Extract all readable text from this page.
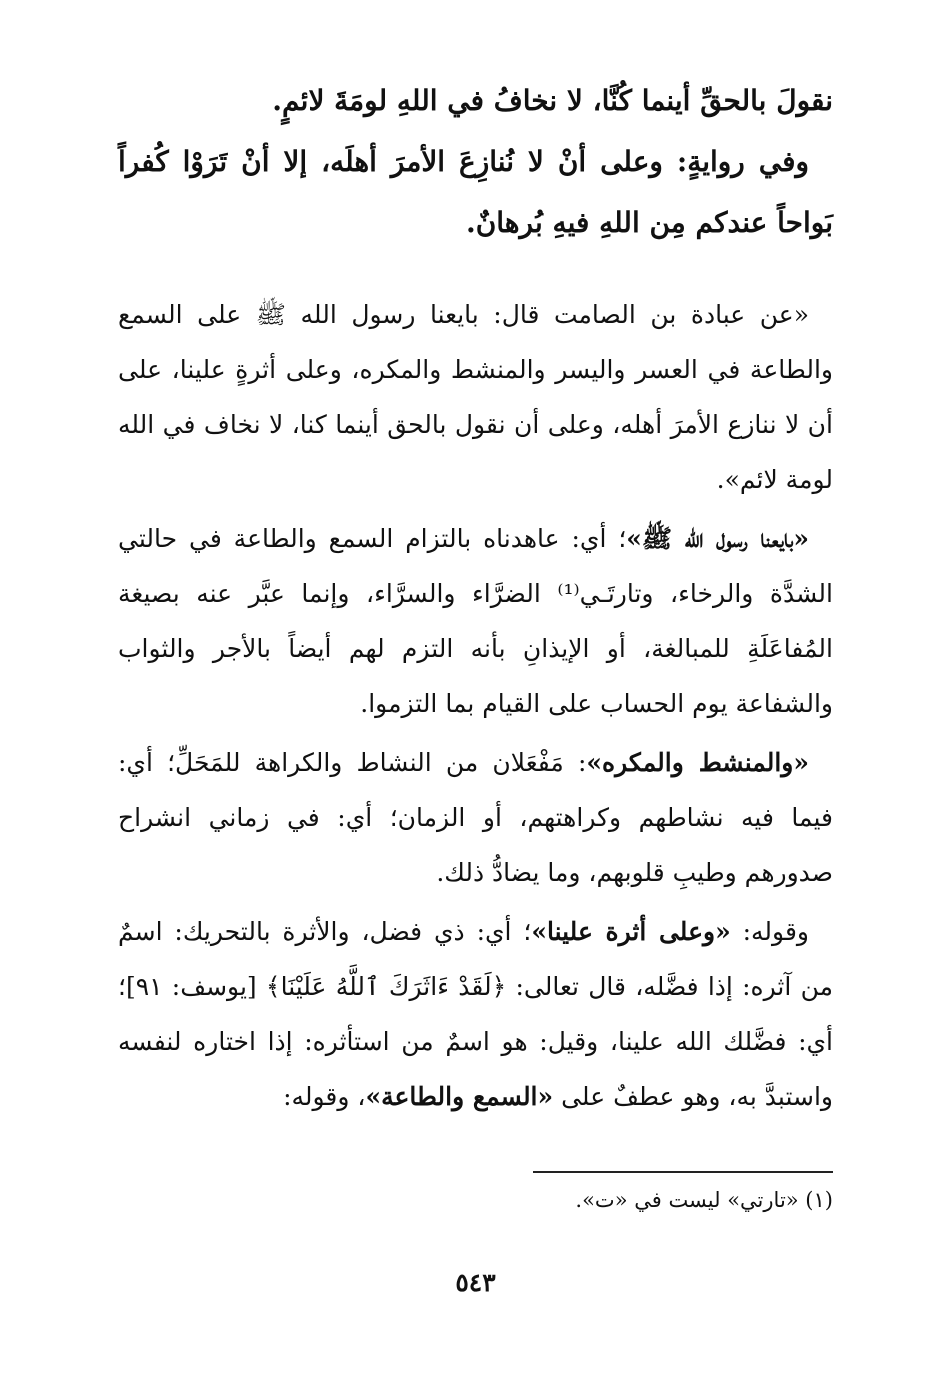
نقولَ بالحقِّ أينما كُنَّا، لا نخافُ في اللهِ لومَةَ لائمٍ.

وفي روايةٍ: وعلى أنْ لا نُنازِعَ الأمرَ أهلَه، إلا أنْ تَرَوْا كُفراً بَواحاً عندكم مِن اللهِ فيهِ بُرهانٌ.

«عن عبادة بن الصامت قال: بايعنا رسول الله ﷺ على السمع والطاعة في العسر واليسر والمنشط والمكره، وعلى أثرةٍ علينا، على أن لا ننازع الأمرَ أهله، وعلى أن نقول بالحق أينما كنا، لا نخاف في الله لومة لائم».

«بايعنا رسول الله ﷺ»؛ أي: عاهدناه بالتزام السمع والطاعة في حالتي الشدَّة والرخاء، وتارتَـي⁽¹⁾ الضرَّاء والسرَّاء، وإنما عبَّر عنه بصيغة المُفاعَلَةِ للمبالغة، أو الإيذانِ بأنه التزم لهم أيضاً بالأجر والثواب والشفاعة يوم الحساب على القيام بما التزموا.

«والمنشط والمكره»: مَفْعَلان من النشاط والكراهة للمَحَلِّ؛ أي: فيما فيه نشاطهم وكراهتهم، أو الزمان؛ أي: في زماني انشراح صدورهم وطيبِ قلوبهم، وما يضادُّ ذلك.

وقوله: «وعلى أثرة علينا»؛ أي: ذي فضل، والأثرة بالتحريك: اسمٌ من آثره: إذا فضَّله، قال تعالى: ﴿لَقَدْ ءَاثَرَكَ ٱللَّهُ عَلَيْنَا﴾ [يوسف: ٩١]؛ أي: فضَّلك الله علينا، وقيل: هو اسمٌ من استأثره: إذا اختاره لنفسه واستبدَّ به، وهو عطفٌ على «السمع والطاعة»، وقوله:

(١) «تارتي» ليست في «ت».

٥٤٣
